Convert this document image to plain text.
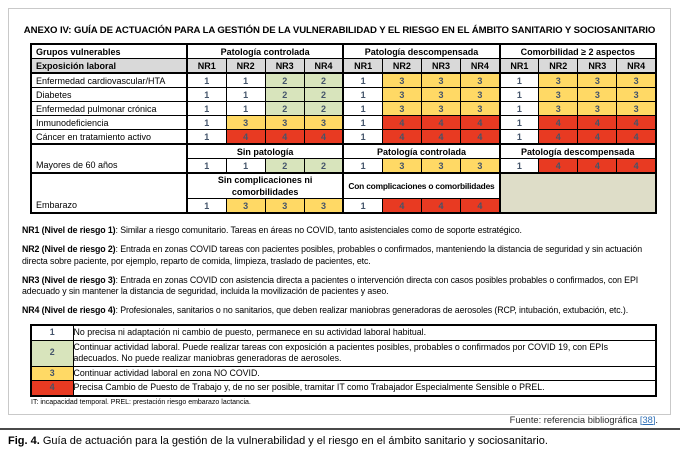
ANEXO IV: GUÍA DE ACTUACIÓN PARA LA GESTIÓN DE LA VULNERABILIDAD Y EL RIESGO EN EL ÁMBITO SANITARIO Y SOCIOSANITARIO
Grupos vulnerables	Patología controlada				Patología descompensada				Comorbilidad ≥ 2 aspectos			
Exposición laboral	NR1	NR2	NR3	NR4	NR1	NR2	NR3	NR4	NR1	NR2	NR3	NR4
Enfermedad cardiovascular/HTA	1	1	2	2	1	3	3	3	1	3	3	3
Diabetes	1	1	2	2	1	3	3	3	1	3	3	3
Enfermedad pulmonar crónica	1	1	2	2	1	3	3	3	1	3	3	3
Inmunodeficiencia	1	3	3	3	1	4	4	4	1	4	4	4
Cáncer en tratamiento activo	1	4	4	4	1	4	4	4	1	4	4	4
Mayores de 60 años	Sin patología				Patología controlada				Patología descompensada			
	1	1	2	2	1	3	3	3	1	4	4	4
Embarazo	Sin complicaciones ni comorbilidades				Con complicaciones o comorbilidades							
	1	3	3	3	1	4	4	4				

NR1 (Nivel de riesgo 1): Similar a riesgo comunitario. Tareas en áreas no COVID, tanto asistenciales como de soporte estratégico.

NR2 (Nivel de riesgo 2): Entrada en zonas COVID tareas con pacientes posibles, probables o confirmados, manteniendo la distancia de seguridad y sin actuación directa sobre paciente, por ejemplo, reparto de comida, limpieza, traslado de pacientes, etc.

NR3 (Nivel de riesgo 3): Entrada en zonas COVID con asistencia directa a pacientes o intervención directa con casos posibles probables o confirmados, con EPI adecuado y sin mantener la distancia de seguridad, incluida la movilización de pacientes y aseo.

NR4 (Nivel de riesgo 4): Profesionales, sanitarios o no sanitarios, que deben realizar maniobras generadoras de aerosoles (RCP, intubación, extubación, etc.).

1	No precisa ni adaptación ni cambio de puesto, permanece en su actividad laboral habitual.
2	Continuar actividad laboral. Puede realizar tareas con exposición a pacientes posibles, probables o confirmados por COVID 19, con EPIs adecuados. No puede realizar maniobras generadoras de aerosoles.
3	Continuar actividad laboral en zona NO COVID.
4	Precisa Cambio de Puesto de Trabajo y, de no ser posible, tramitar IT como Trabajador Especialmente Sensible o PREL.
IT: incapacidad temporal. PREL: prestación riesgo embarazo lactancia.
Fuente: referencia bibliográfica [38].
Fig. 4. Guía de actuación para la gestión de la vulnerabilidad y el riesgo en el ámbito sanitario y sociosanitario.
